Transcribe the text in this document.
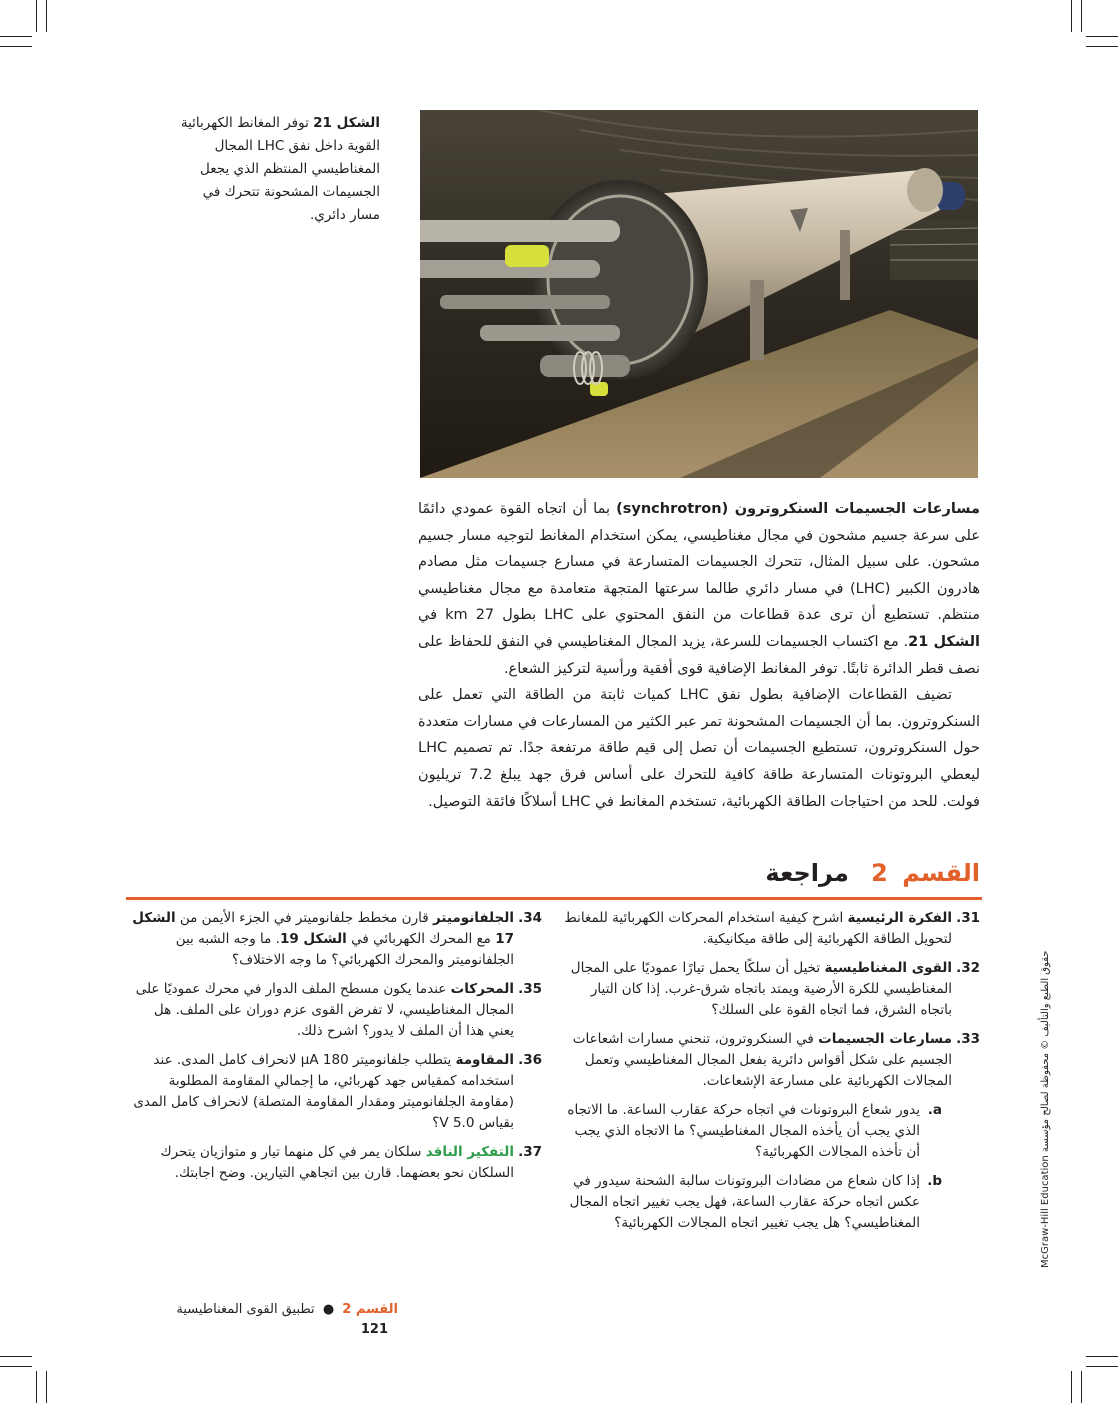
الشكل 21 توفر المغانط الكهربائية القوية داخل نفق LHC المجال المغناطيسي المنتظم الذي يجعل الجسيمات المشحونة تتحرك في مسار دائري.

مسارعات الجسيمات السنكروترون (synchrotron) بما أن اتجاه القوة عمودي دائمًا على سرعة جسيم مشحون في مجال مغناطيسي، يمكن استخدام المغانط لتوجيه مسار جسيم مشحون. على سبيل المثال، تتحرك الجسيمات المتسارعة في مسارع جسيمات مثل مصادم هادرون الكبير (LHC) في مسار دائري طالما سرعتها المتجهة متعامدة مع مجال مغناطيسي منتظم. تستطيع أن ترى عدة قطاعات من النفق المحتوي على LHC بطول 27 km في الشكل 21. مع اكتساب الجسيمات للسرعة، يزيد المجال المغناطيسي في النفق للحفاظ على نصف قطر الدائرة ثابتًا. توفر المغانط الإضافية قوى أفقية ورأسية لتركيز الشعاع.

تضيف القطاعات الإضافية بطول نفق LHC كميات ثابتة من الطاقة التي تعمل على السنكروترون. بما أن الجسيمات المشحونة تمر عبر الكثير من المسارعات في مسارات متعددة حول السنكروترون، تستطيع الجسيمات أن تصل إلى قيم طاقة مرتفعة جدًا. تم تصميم LHC ليعطي البروتونات المتسارعة طاقة كافية للتحرك على أساس فرق جهد يبلغ 7.2 تريليون فولت. للحد من احتياجات الطاقة الكهربائية، تستخدم المغانط في LHC أسلاكًا فائقة التوصيل.

القسم 2 مراجعة
31.
الفكرة الرئيسية اشرح كيفية استخدام المحركات الكهربائية للمغانط لتحويل الطاقة الكهربائية إلى طاقة ميكانيكية.
32.
القوى المغناطيسية تخيل أن سلكًا يحمل تيارًا عموديًا على المجال المغناطيسي للكرة الأرضية ويمتد باتجاه شرق-غرب. إذا كان التيار باتجاه الشرق، فما اتجاه القوة على السلك؟
33.
مسارعات الجسيمات في السنكروترون، تنحني مسارات اشعاعات الجسيم على شكل أقواس دائرية بفعل المجال المغناطيسي وتعمل المجالات الكهربائية على مسارعة الإشعاعات.
a.
يدور شعاع البروتونات في اتجاه حركة عقارب الساعة. ما الاتجاه الذي يجب أن يأخذه المجال المغناطيسي؟ ما الاتجاه الذي يجب أن تأخذه المجالات الكهربائية؟
b.
إذا كان شعاع من مضادات البروتونات سالبة الشحنة سيدور في عكس اتجاه حركة عقارب الساعة، فهل يجب تغيير اتجاه المجال المغناطيسي؟ هل يجب تغيير اتجاه المجالات الكهربائية؟
34.
الجلفانوميتر قارن مخطط جلفانوميتر في الجزء الأيمن من الشكل 17 مع المحرك الكهربائي في الشكل 19. ما وجه الشبه بين الجلفانوميتر والمحرك الكهربائي؟ ما وجه الاختلاف؟
35.
المحركات عندما يكون مسطح الملف الدوار في محرك عموديًا على المجال المغناطيسي، لا تفرض القوى عزم دوران على الملف. هل يعني هذا أن الملف لا يدور؟ اشرح ذلك.
36.
المقاومة يتطلب جلفانوميتر 180 μA لانحراف كامل المدى. عند استخدامه كمقياس جهد كهربائي، ما إجمالي المقاومة المطلوبة (مقاومة الجلفانوميتر ومقدار المقاومة المتصلة) لانحراف كامل المدى بقياس 5.0 V؟
37.
التفكير الناقد سلكان يمر في كل منهما تيار و متوازيان يتحرك السلكان نحو بعضهما. قارن بين اتجاهي التيارين. وضح اجابتك.	حقوق الطبع والتأليف © محفوظة لصالح مؤسسة McGraw-Hill Education
القسم 2 ● تطبيق القوى المغناطيسية 121
